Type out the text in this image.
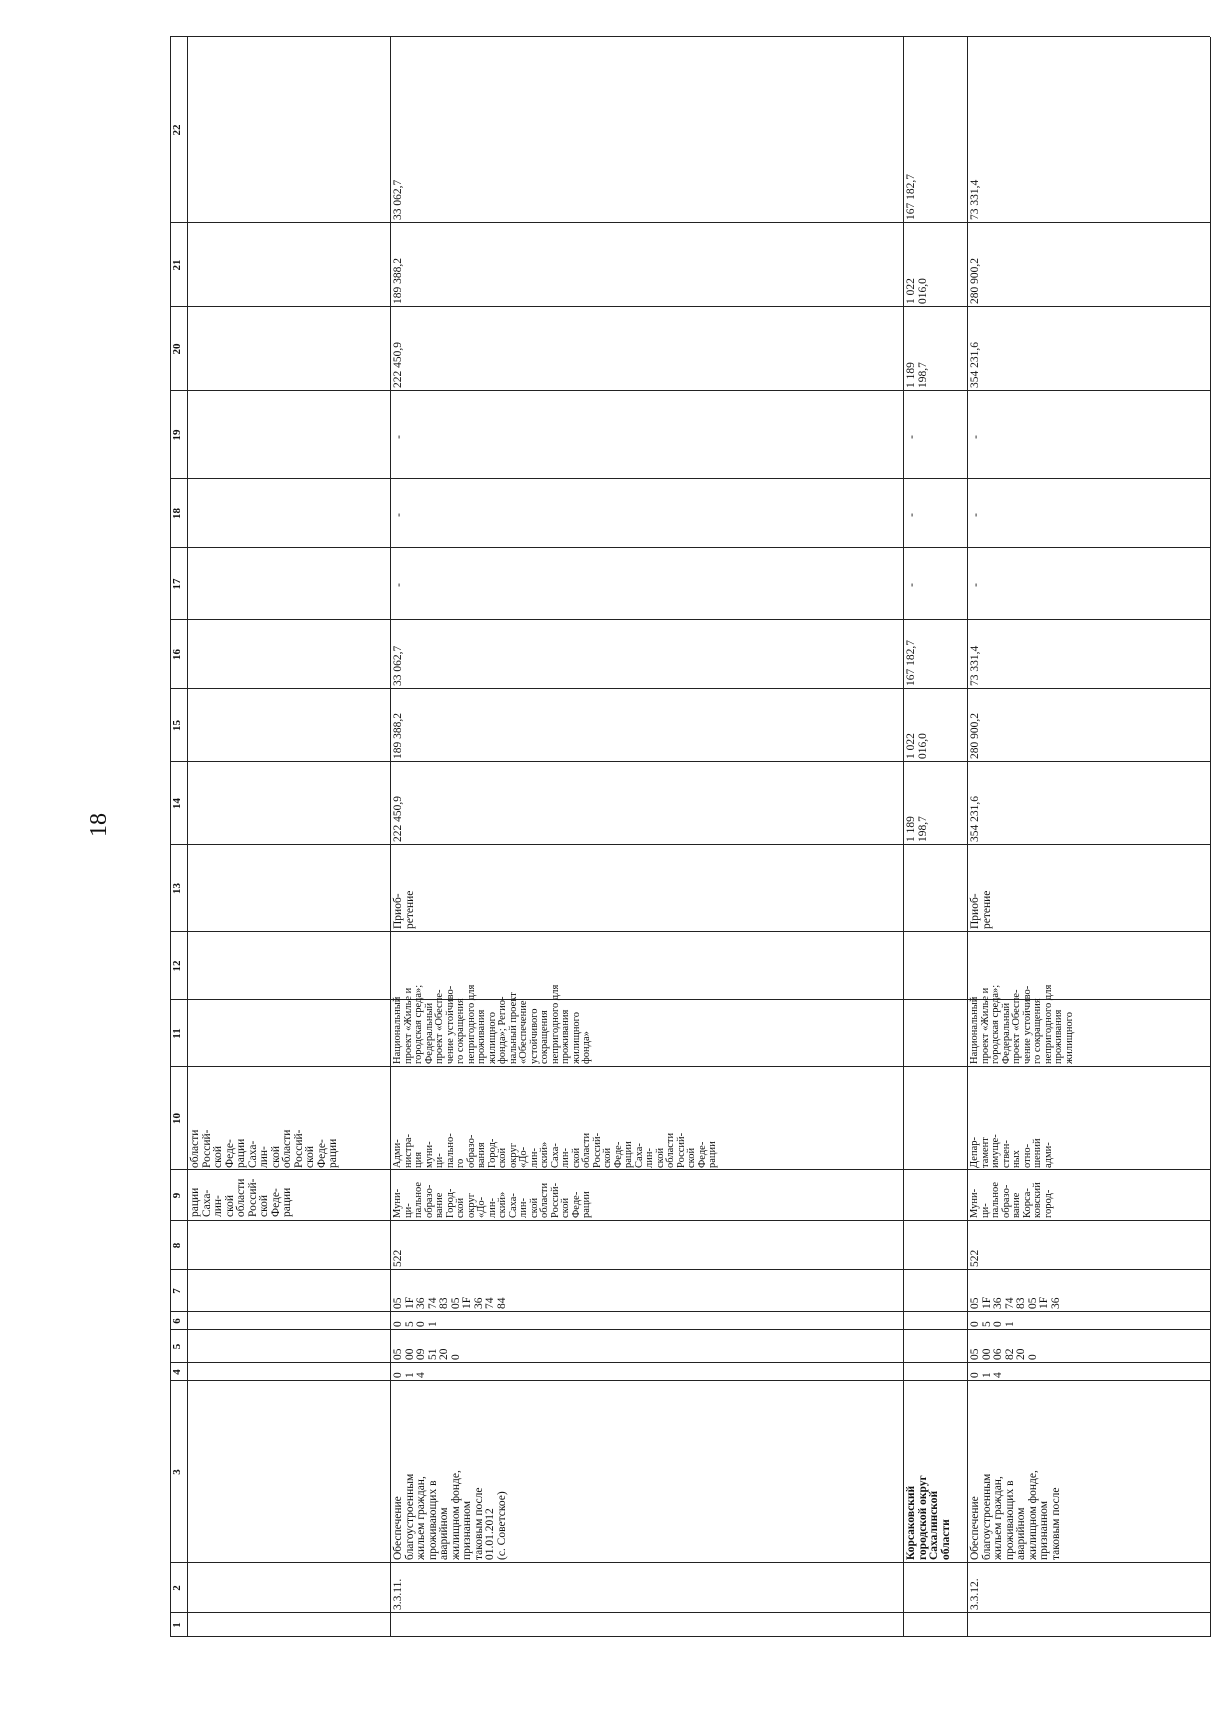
18
1
2
3
4
5
6
7
8
9
10
11
12
13
14
15
16
17
18
19
20
21
22
рации
Саха-
лин-
ской
области
Россий-
ской
Феде-
рации
области
Россий-
ской
Феде-
рации
Саха-
лин-
ской
области
Россий-
ской
Феде-
рации
3.3.11.
Обеспечение
благоустроенным
жильем граждан,
проживающих в
аварийном
жилищном фонде,
признанном
таковым после
01.01.2012
(с. Советское)
0
1
4
05
00
09
51
20
0
0
5
0
1
05
1F
36
74
83
05
1F
36
74
84
522
Муни-
ци-
пальное
образо-
вание
Город-
ской
округ
«До-
лин-
ский»
Саха-
лин-
ской
области
Россий-
ской
Феде-
рации
Адми-
нистра-
ция
муни-
ци-
пально-
го
образо-
вания
Город-
ской
округ
«До-
лин-
ский»
Саха-
лин-
ской
области
Россий-
ской
Феде-
рации
Саха-
лин-
ской
области
Россий-
ской
Феде-
рации
Национальный
проект «Жилье и
городская среда»;
Федеральный
проект «Обеспе-
чение устойчиво-
го сокращения
непригодного для
проживания
жилищного
фонда»; Регио-
нальный проект
«Обеспечение
устойчивого
сокращения
непригодного для
проживания
жилищного
фонда»
Приоб-
ретение
222 450,9
189 388,2
33 062,7
-
-
-
222 450,9
189 388,2
33 062,7
Корсаковский
городской округ
Сахалинской
области
1 189
198,7
1 022
016,0
167 182,7
-
-
-
1 189
198,7
1 022
016,0
167 182,7
3.3.12.
Обеспечение
благоустроенным
жильем граждан,
проживающих в
аварийном
жилищном фонде,
признанном
таковым после
0
1
4
05
00
06
82
20
0
0
5
0
1
05
1F
36
74
83
05
1F
36
522
Муни-
ци-
пальное
образо-
вание
Корса-
ковский
город-
Депар-
тамент
имуще-
ствен-
ных
отно-
шений
адми-
Национальный
проект «Жилье и
городская среда»;
Федеральный
проект «Обеспе-
чение устойчиво-
го сокращения
непригодного для
проживания
жилищного
Приоб-
ретение
354 231,6
280 900,2
73 331,4
-
-
-
354 231,6
280 900,2
73 331,4
